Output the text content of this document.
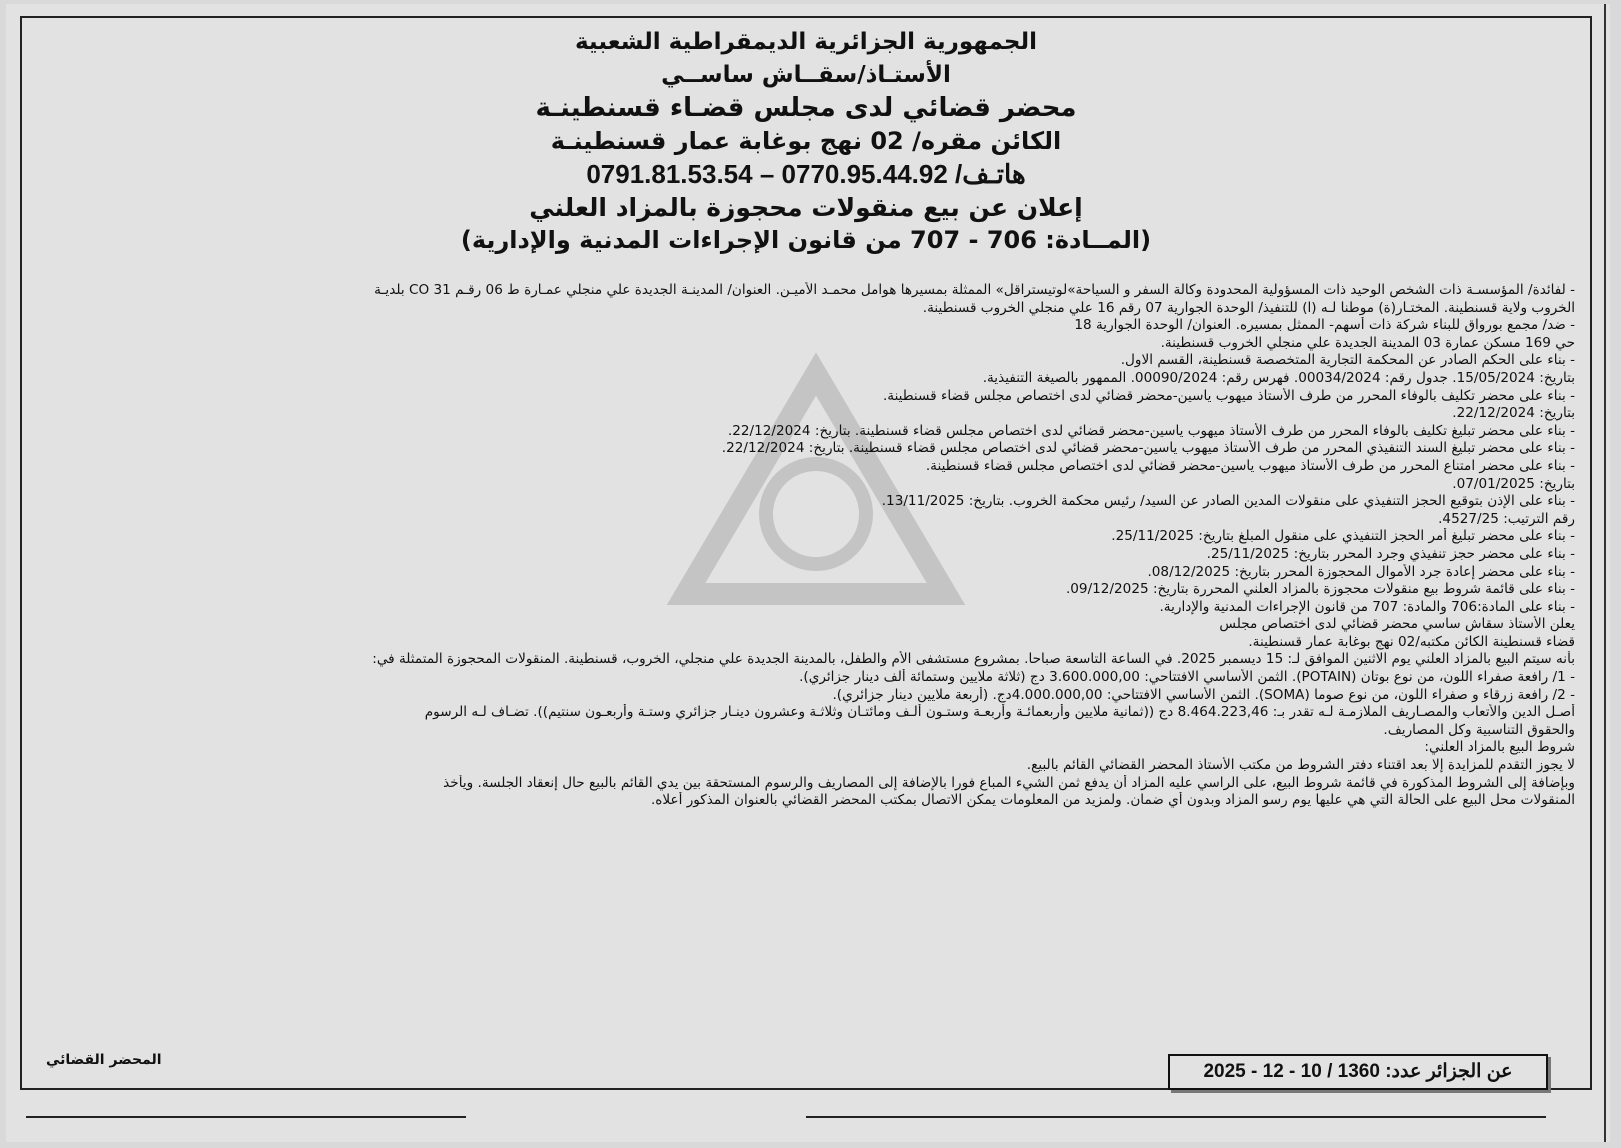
الجمهورية الجزائرية الديمقراطية الشعبية
الأستـاذ/سقــاش ساســي
محضر قضائي لدى مجلس قضـاء قسنطينـة
الكائن مقره/ 02 نهج بوغابة عمار قسنطينـة
هاتـف/ 0770.95.44.92 – 0791.81.53.54
إعلان عن بيع منقولات محجوزة بالمزاد العلني
(المــادة: 706 - 707 من قانون الإجراءات المدنية والإدارية)

- لفائدة/ المؤسسـة ذات الشخص الوحيد ذات المسؤولية المحدودة وكالة السفر و السياحة»لوتيستراقل» الممثلة بمسيرها هوامل محمـد الأميـن. العنوان/ المدينـة الجديدة علي منجلي عمـارة ط 06 رقـم 31 CO بلديـة

الخروب ولاية قسنطينة. المختـار(ة) موطنا لـه (ا) للتنفيذ/ الوحدة الجوارية 07 رقم 16 علي منجلي الخروب قسنطينة.

- ضد/ مجمع بورواق للبناء شركة ذات أسهم- الممثل بمسيره. العنوان/ الوحدة الجوارية 18

حي 169 مسكن عمارة 03 المدينة الجديدة علي منجلي الخروب قسنطينة.

- بناء على الحكم الصادر عن المحكمة التجارية المتخصصة قسنطينة، القسم الاول.

بتاريخ: 15/05/2024. جدول رقم: 00034/2024. فهرس رقم: 00090/2024. الممهور بالصيغة التنفيذية.

- بناء على محضر تكليف بالوفاء المحرر من طرف الأستاذ ميهوب ياسين-محضر قضائي لدى اختصاص مجلس قضاء قسنطينة.

بتاريخ: 22/12/2024.

- بناء على محضر تبليغ تكليف بالوفاء المحرر من طرف الأستاذ ميهوب ياسين-محضر قضائي لدى اختصاص مجلس قضاء قسنطينة. بتاريخ: 22/12/2024.

- بناء على محضر تبليغ السند التنفيذي المحرر من طرف الأستاذ ميهوب ياسين-محضر قضائي لدى اختصاص مجلس قضاء قسنطينة. بتاريخ: 22/12/2024.

- بناء على محضر امتناع المحرر من طرف الأستاذ ميهوب ياسين-محضر قضائي لدى اختصاص مجلس قضاء قسنطينة.

بتاريخ: 07/01/2025.

- بناء على الإذن بتوقيع الحجز التنفيذي على منقولات المدين الصادر عن السيد/ رئيس محكمة الخروب. بتاريخ: 13/11/2025.

رقم الترتيب: 4527/25.

- بناء على محضر تبليغ أمر الحجز التنفيذي على منقول المبلغ بتاريخ: 25/11/2025.

- بناء على محضر حجز تنفيذي وجرد المحرر بتاريخ: 25/11/2025.

- بناء على محضر إعادة جرد الأموال المحجوزة المحرر بتاريخ: 08/12/2025.

- بناء على قائمة شروط بيع منقولات محجوزة بالمزاد العلني المحررة بتاريخ: 09/12/2025.

- بناء على المادة:706 والمادة: 707 من قانون الإجراءات المدنية والإدارية.

يعلن الأستاذ سقاش ساسي محضر قضائي لدى اختصاص مجلس

قضاء قسنطينة الكائن مكتبه/02 نهج بوغابة عمار قسنطينة.

بأنه سيتم البيع بالمزاد العلني يوم الاثنين الموافق لـ: 15 ديسمبر 2025. في الساعة التاسعة صباحا. بمشروع مستشفى الأم والطفل، بالمدينة الجديدة علي منجلي، الخروب، قسنطينة. المنقولات المحجوزة المتمثلة في:

- 1/ رافعة صفراء اللون، من نوع بوتان (POTAIN). الثمن الأساسي الافتتاحي: 3.600.000,00 دج (ثلاثة ملايين وستمائة ألف دينار جزائري).

- 2/ رافعة زرقاء و صفراء اللون، من نوع صوما (SOMA). الثمن الأساسي الافتتاحي: 4.000.000,00دج. (أربعة ملايين دينار جزائري).

أصـل الدين والأتعاب والمصـاريف الملازمـة لـه تقدر بـ: 8.464.223,46 دج ((ثمانية ملايين وأربعمائـة وأربعـة وستـون ألـف ومائتـان وثلاثـة وعشرون دينـار جزائري وستـة وأربعـون سنتيم)). تضـاف لـه الرسوم

والحقوق التناسبية وكل المصاريف.

شروط البيع بالمزاد العلني:

لا يجوز التقدم للمزايدة إلا بعد اقتناء دفتر الشروط من مكتب الأستاذ المحضر القضائي القائم بالبيع.

وبإضافة إلى الشروط المذكورة في قائمة شروط البيع، على الراسي عليه المزاد أن يدفع ثمن الشيء المباع فورا بالإضافة إلى المصاريف والرسوم المستحقة بين يدي القائم بالبيع حال إنعقاد الجلسة. ويأخذ

المنقولات محل البيع على الحالة التي هي عليها يوم رسو المزاد وبدون أي ضمان. ولمزيد من المعلومات يمكن الاتصال بمكتب المحضر القضائي بالعنوان المذكور أعلاه.

المحضر القضائي
عن الجزائر عدد: 1360 / 10 - 12 - 2025
